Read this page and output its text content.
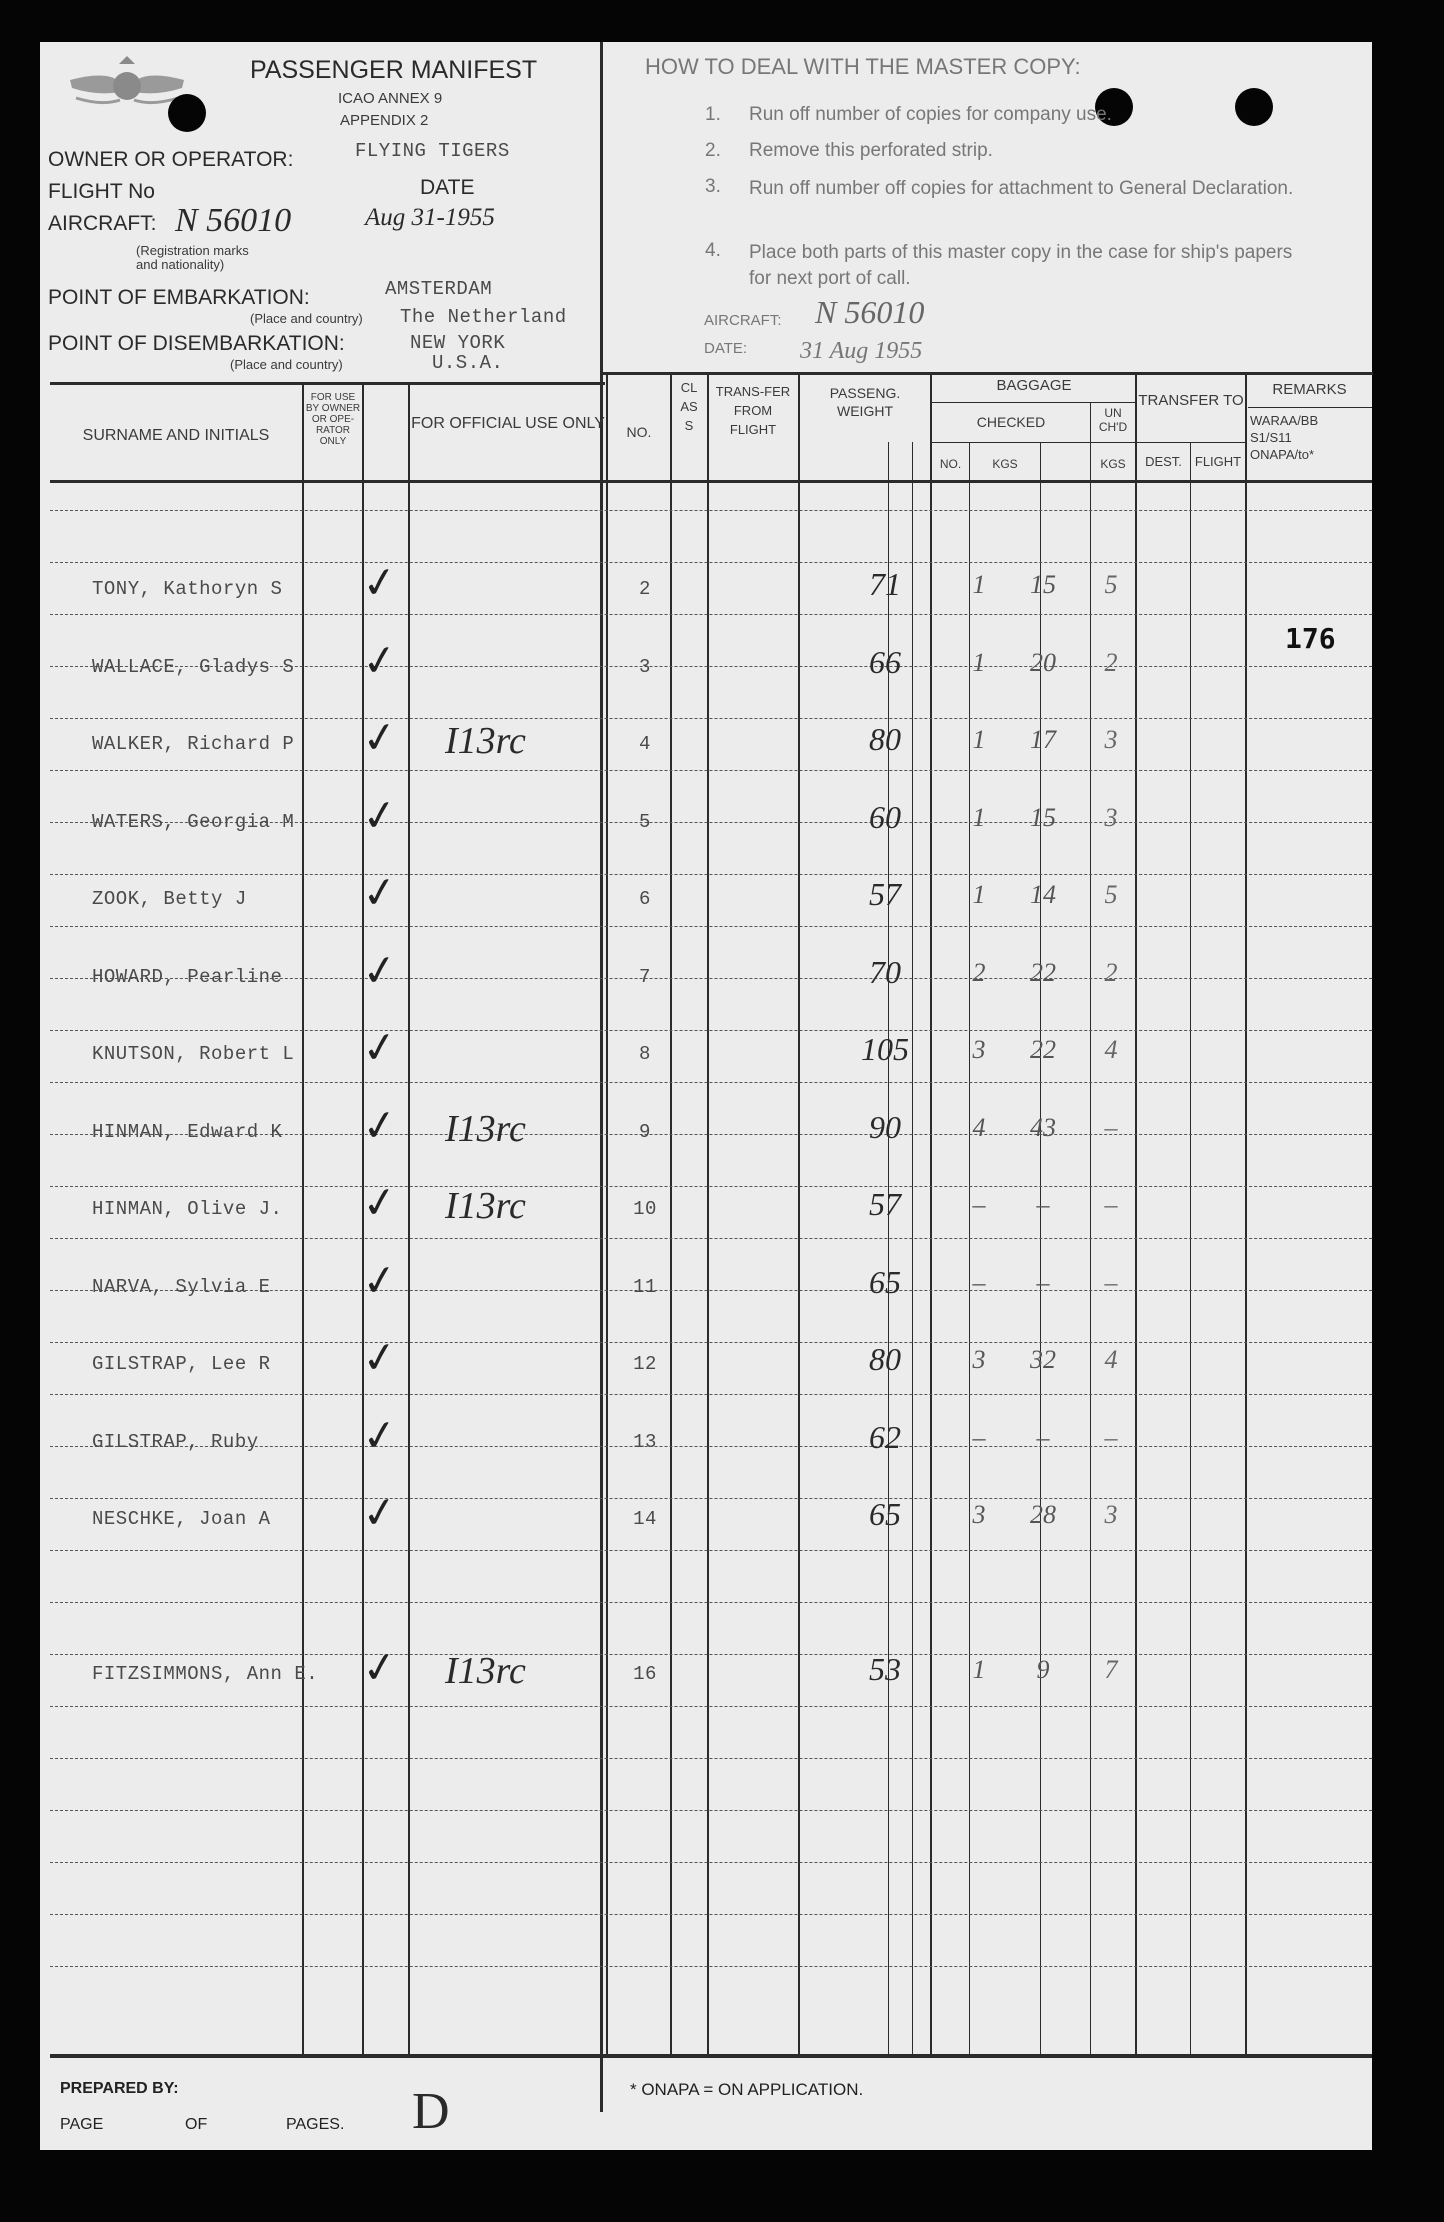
PASSENGER MANIFEST
ICAO ANNEX 9
APPENDIX 2
OWNER OR OPERATOR:	FLYING TIGERS
FLIGHT No	DATE
AIRCRAFT: N 56010	Aug 31-1955
(Registration marks
and nationality)
POINT OF EMBARKATION:	AMSTERDAM
(Place and country) The Netherland
POINT OF DISEMBARKATION:	NEW YORK
(Place and country)	U.S.A.
HOW TO DEAL WITH THE MASTER COPY:
1. Run off number of copies for company use.
2. Remove this perforated strip.
3. Run off number off copies for attachment to General Declaration.
4. Place both parts of this master copy in the case for ship's papers for next port of call.
AIRCRAFT: N 56010
DATE: 31 Aug 1955
SURNAME AND INITIALS
FOR USE BY OWNER OR OPE-RATOR ONLY
FOR OFFICIAL USE ONLY	NO.
CLASS
TRANS-FER FROM FLIGHT
PASSENG. WEIGHT
BAGGAGE
CHECKED
UN CH'D
NO.	KGS	KGS
TRANSFER TO
DEST. FLIGHT
REMARKS
WARAA/BB S1/S11 ONAPA/to*
176
TONY, Kathoryn S ✓	2	71	1	15	5
WALLACE, Gladys S ✓	3	66	1	20	2
WALKER, Richard P ✓ I13rc	4	80	1	17	3
WATERS, Georgia M ✓	5	60	1	15	3
ZOOK, Betty J	✓	6	57	1	14	5
HOWARD, Pearline ✓	7	70	2	22	2
KNUTSON, Robert L ✓	8	105	3	22	4
HINMAN, Edward K ✓ I13rc	9	90	4	43	–
HINMAN, Olive J. ✓ I13rc	10	57	–	–	–
NARVA, Sylvia E ✓	11	65	–	–	–
GILSTRAP, Lee R ✓	12	80	3	32	4
GILSTRAP, Ruby ✓	13	62	–	–	–
NESCHKE, Joan A ✓	14	65	3	28	3
FITZSIMMONS, Ann E. ✓ I13rc	16	53	1	9	7
PREPARED BY:
PAGE	OF	PAGES. D	* ONAPA = ON APPLICATION.
